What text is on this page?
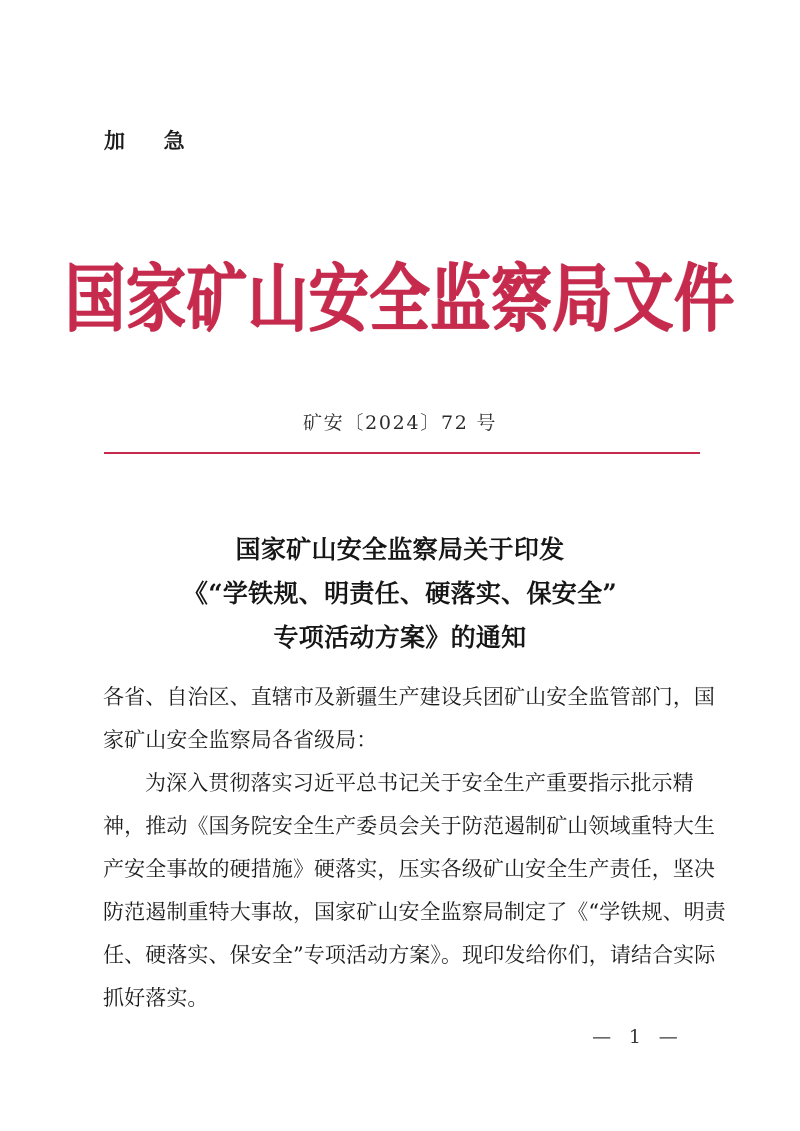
加　急
国家矿山安全监察局文件
矿安〔2024〕72 号
国家矿山安全监察局关于印发
《“学铁规、明责任、硬落实、保安全”
专项活动方案》的通知
各省、自治区、直辖市及新疆生产建设兵团矿山安全监管部门，国
家矿山安全监察局各省级局：
为深入贯彻落实习近平总书记关于安全生产重要指示批示精
神，推动《国务院安全生产委员会关于防范遏制矿山领域重特大生
产安全事故的硬措施》硬落实，压实各级矿山安全生产责任，坚决
防范遏制重特大事故，国家矿山安全监察局制定了《“学铁规、明责
任、硬落实、保安全”专项活动方案》。现印发给你们，请结合实际
抓好落实。

—  1  —
